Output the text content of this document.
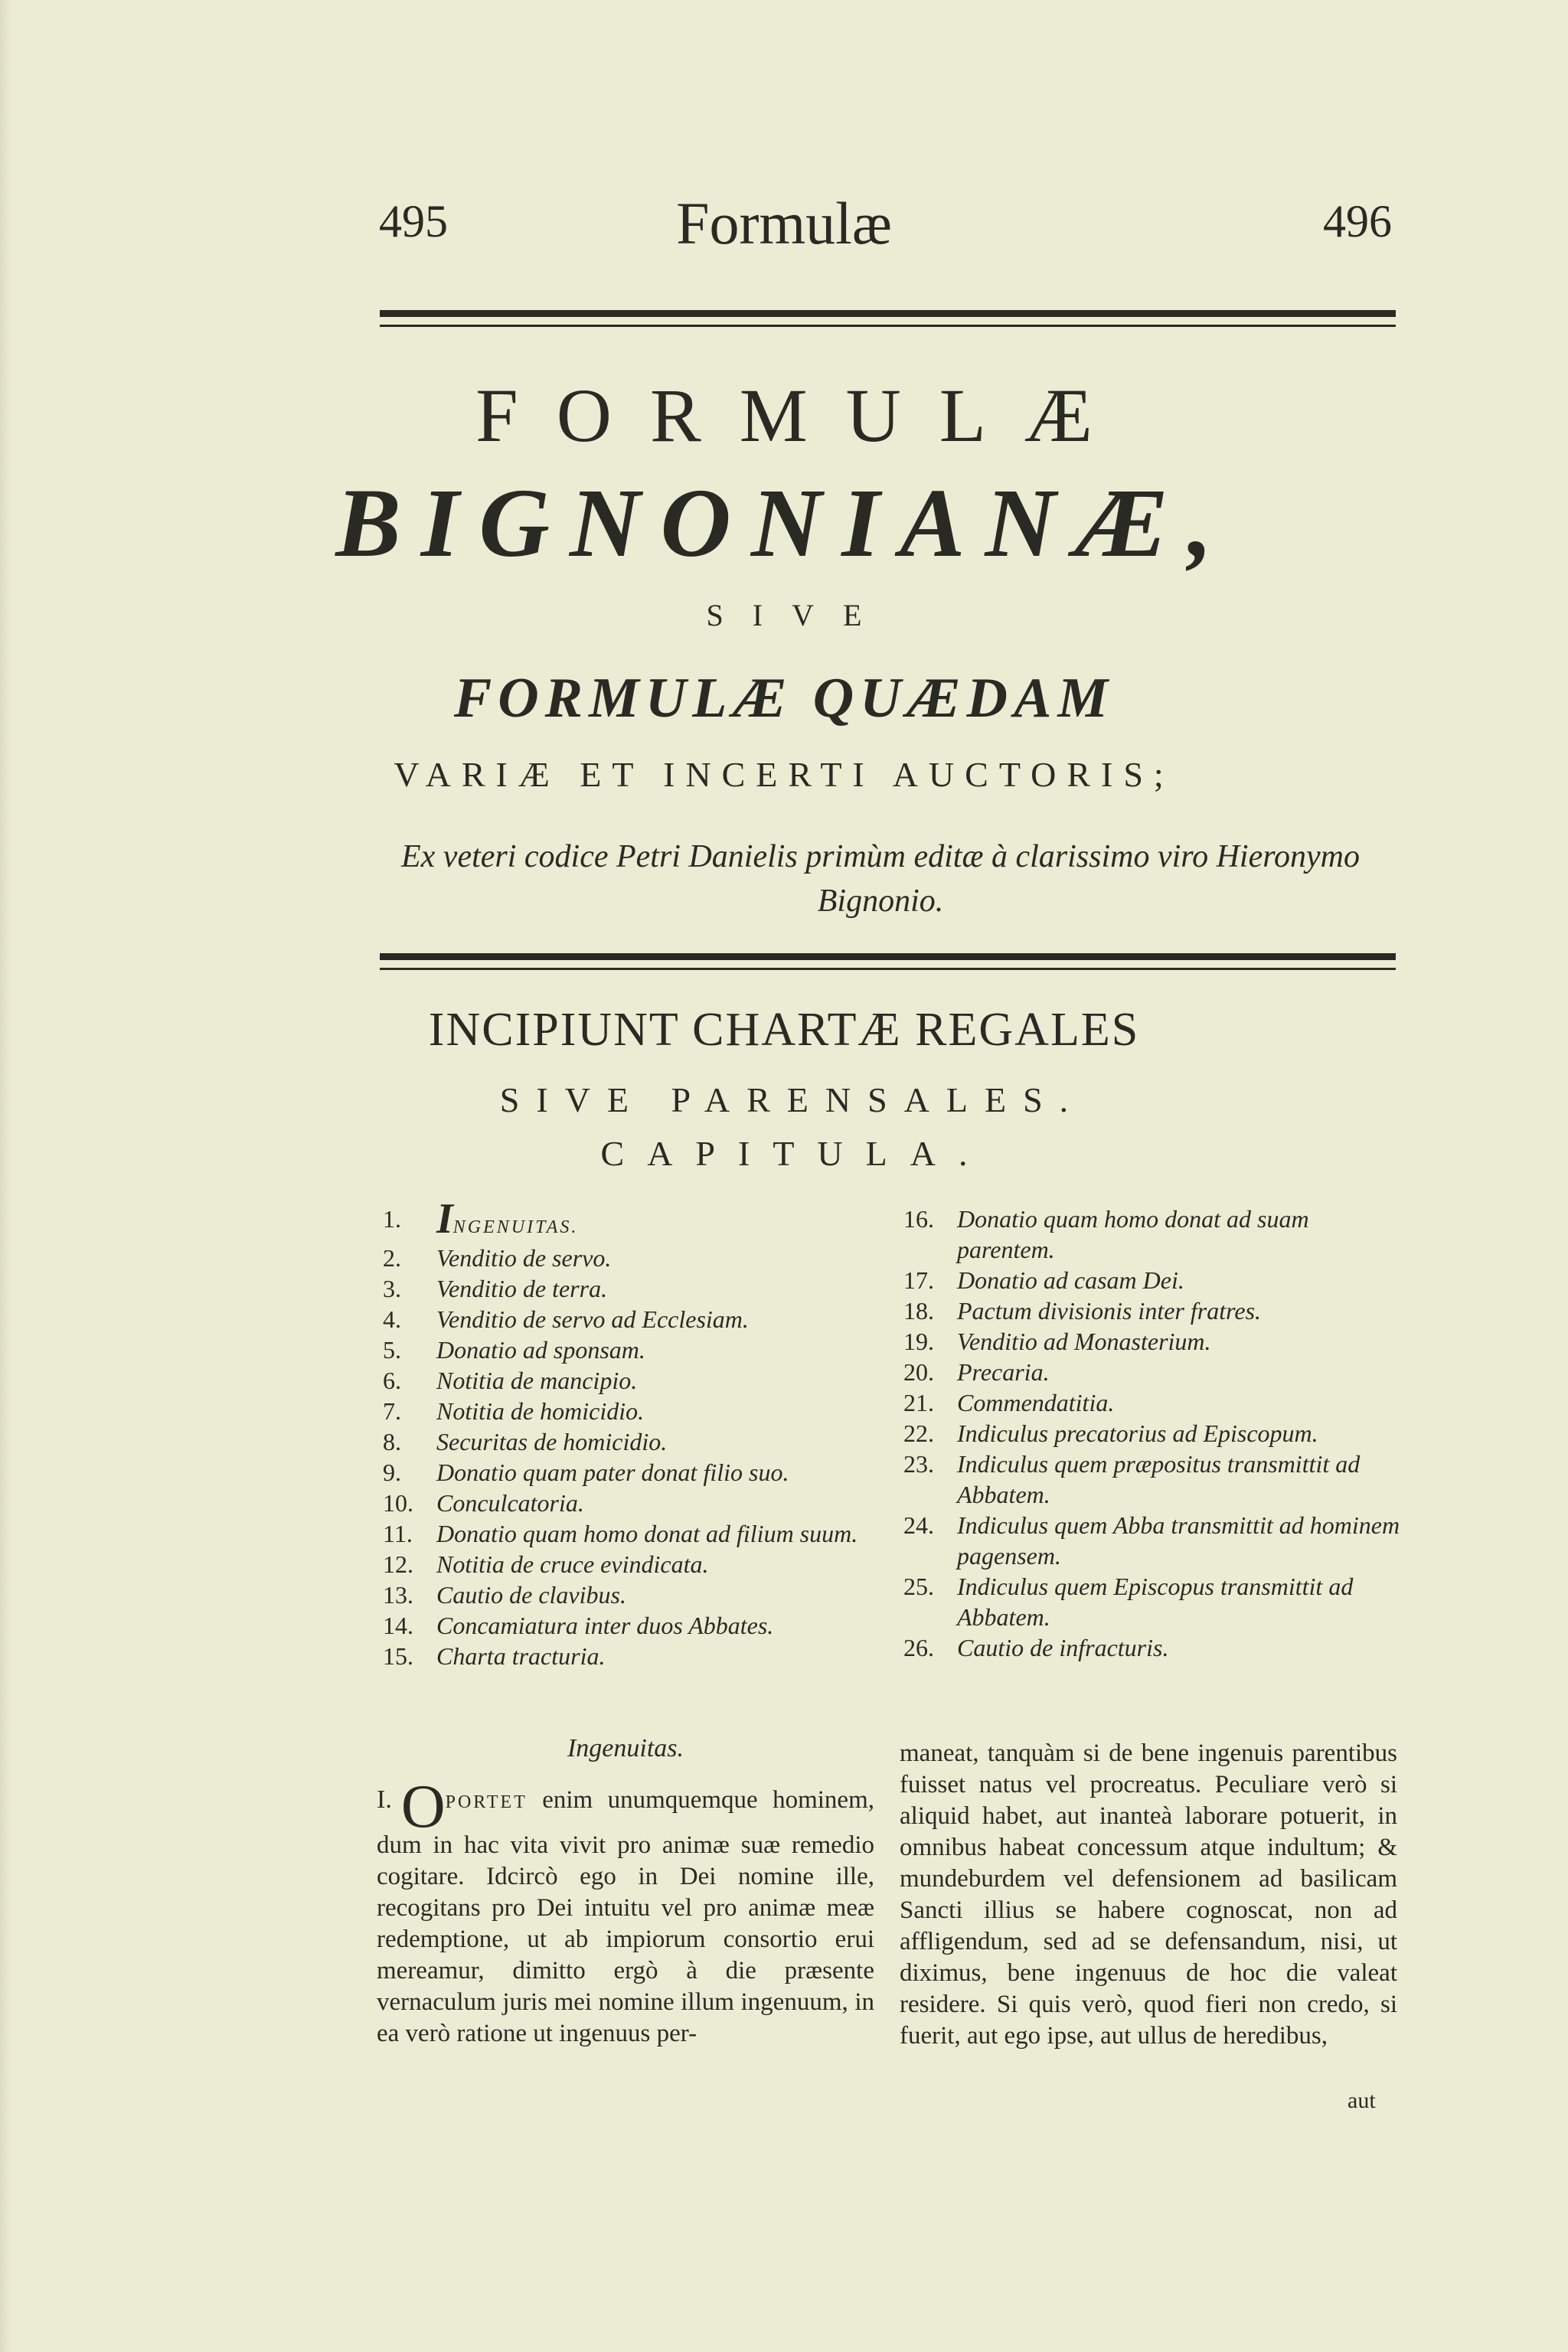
495	Formulæ	496
FORMULÆ
BIGNONIANÆ,
SIVE
FORMULÆ QUÆDAM
VARIÆ ET INCERTI AUCTORIS;
Ex veteri codice Petri Danielis primùm editæ à clarissimo viro Hieronymo Bignonio.
INCIPIUNT CHARTÆ REGALES
SIVE PARENSALES.
CAPITULA.
1. INGENUITAS.
2.	Venditio de servo.
3.	Venditio de terra.
4.	Venditio de servo ad Ecclesiam.
5.	Donatio ad sponsam.
6.	Notitia de mancipio.
7.	Notitia de homicidio.
8.	Securitas de homicidio.
9.	Donatio quam pater donat filio suo.
10. Conculcatoria.
11. Donatio quam homo donat ad filium suum.
12. Notitia de cruce evindicata.
13. Cautio de clavibus.
14. Concamiatura inter duos Abbates.
15. Charta tracturia.
16. Donatio quam homo donat ad suam parentem.
17. Donatio ad casam Dei.
18. Pactum divisionis inter fratres.
19. Venditio ad Monasterium.
20. Precaria.
21. Commendatitia.
22. Indiculus precatorius ad Episcopum.
23. Indiculus quem præpositus transmittit ad Abbatem.
24. Indiculus quem Abba transmittit ad hominem pagensem.
25. Indiculus quem Episcopus transmittit ad Abbatem.
26. Cautio de infracturis.
Ingenuitas.

I. OPORTET enim unumquemque hominem, dum in hac vita vivit pro animæ suæ remedio cogitare. Idcircò ego in Dei nomine ille, recogitans pro Dei intuitu vel pro animæ meæ redemptione, ut ab impiorum consortio erui mereamur, dimitto ergò à die præsente vernaculum juris mei nomine illum ingenuum, in ea verò ratione ut ingenuus per-

maneat, tanquàm si de bene ingenuis parentibus fuisset natus vel procreatus. Peculiare verò si aliquid habet, aut inanteà laborare potuerit, in omnibus habeat concessum atque indultum; & mundeburdem vel defensionem ad basilicam Sancti illius se habere cognoscat, non ad affligendum, sed ad se defensandum, nisi, ut diximus, bene ingenuus de hoc die valeat residere. Si quis verò, quod fieri non credo, si fuerit, aut ego ipse, aut ullus de heredibus,

aut
